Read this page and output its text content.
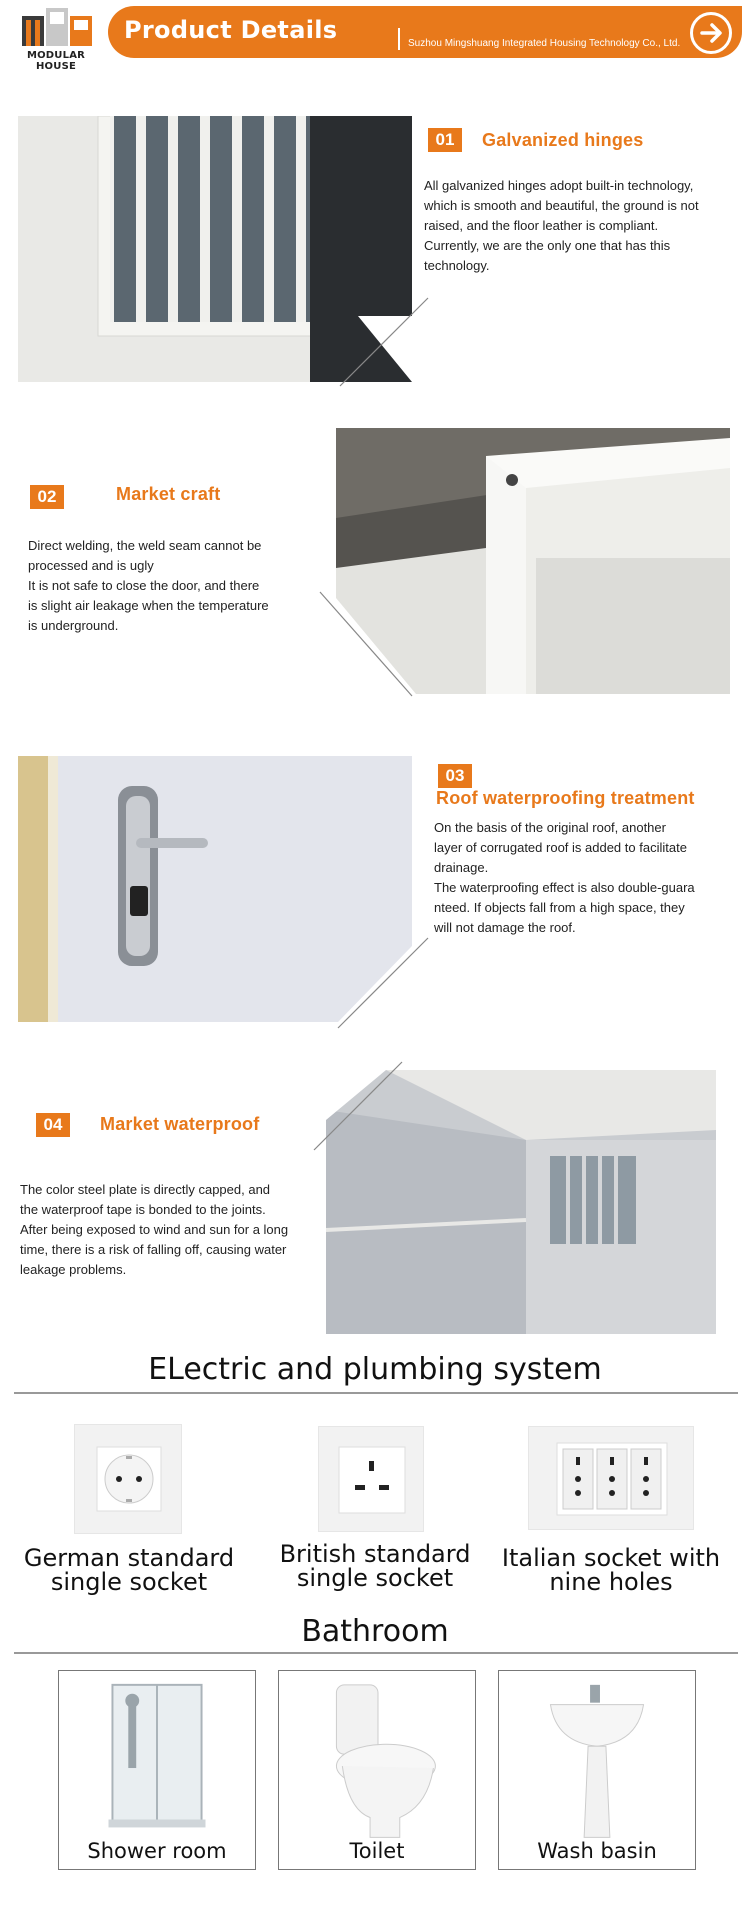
MODULAR HOUSE
Product Details	Suzhou Mingshuang Integrated Housing Technology Co., Ltd.
01	Galvanized hinges
All galvanized hinges adopt built-in technology,
which is smooth and beautiful, the ground is not
raised, and the floor leather is compliant.
Currently, we are the only one that has this
technology.
02	Market craft
Direct welding, the weld seam cannot be
processed and is ugly
It is not safe to close the door, and there
is slight air leakage when the temperature
is underground.
03
Roof waterproofing treatment
On the basis of the original roof, another
layer of corrugated roof is added to facilitate
drainage.
The waterproofing effect is also double-guara
nteed. If objects fall from a high space, they
will not damage the roof.
04	Market waterproof
The color steel plate is directly capped, and
the waterproof tape is bonded to the joints.
After being exposed to wind and sun for a long
time, there is a risk of falling off, causing water
leakage problems.
ELectric and plumbing system
German standard
single socket
British standard
single socket
Italian socket with
nine holes
Bathroom
Shower room	Toilet	Wash basin
